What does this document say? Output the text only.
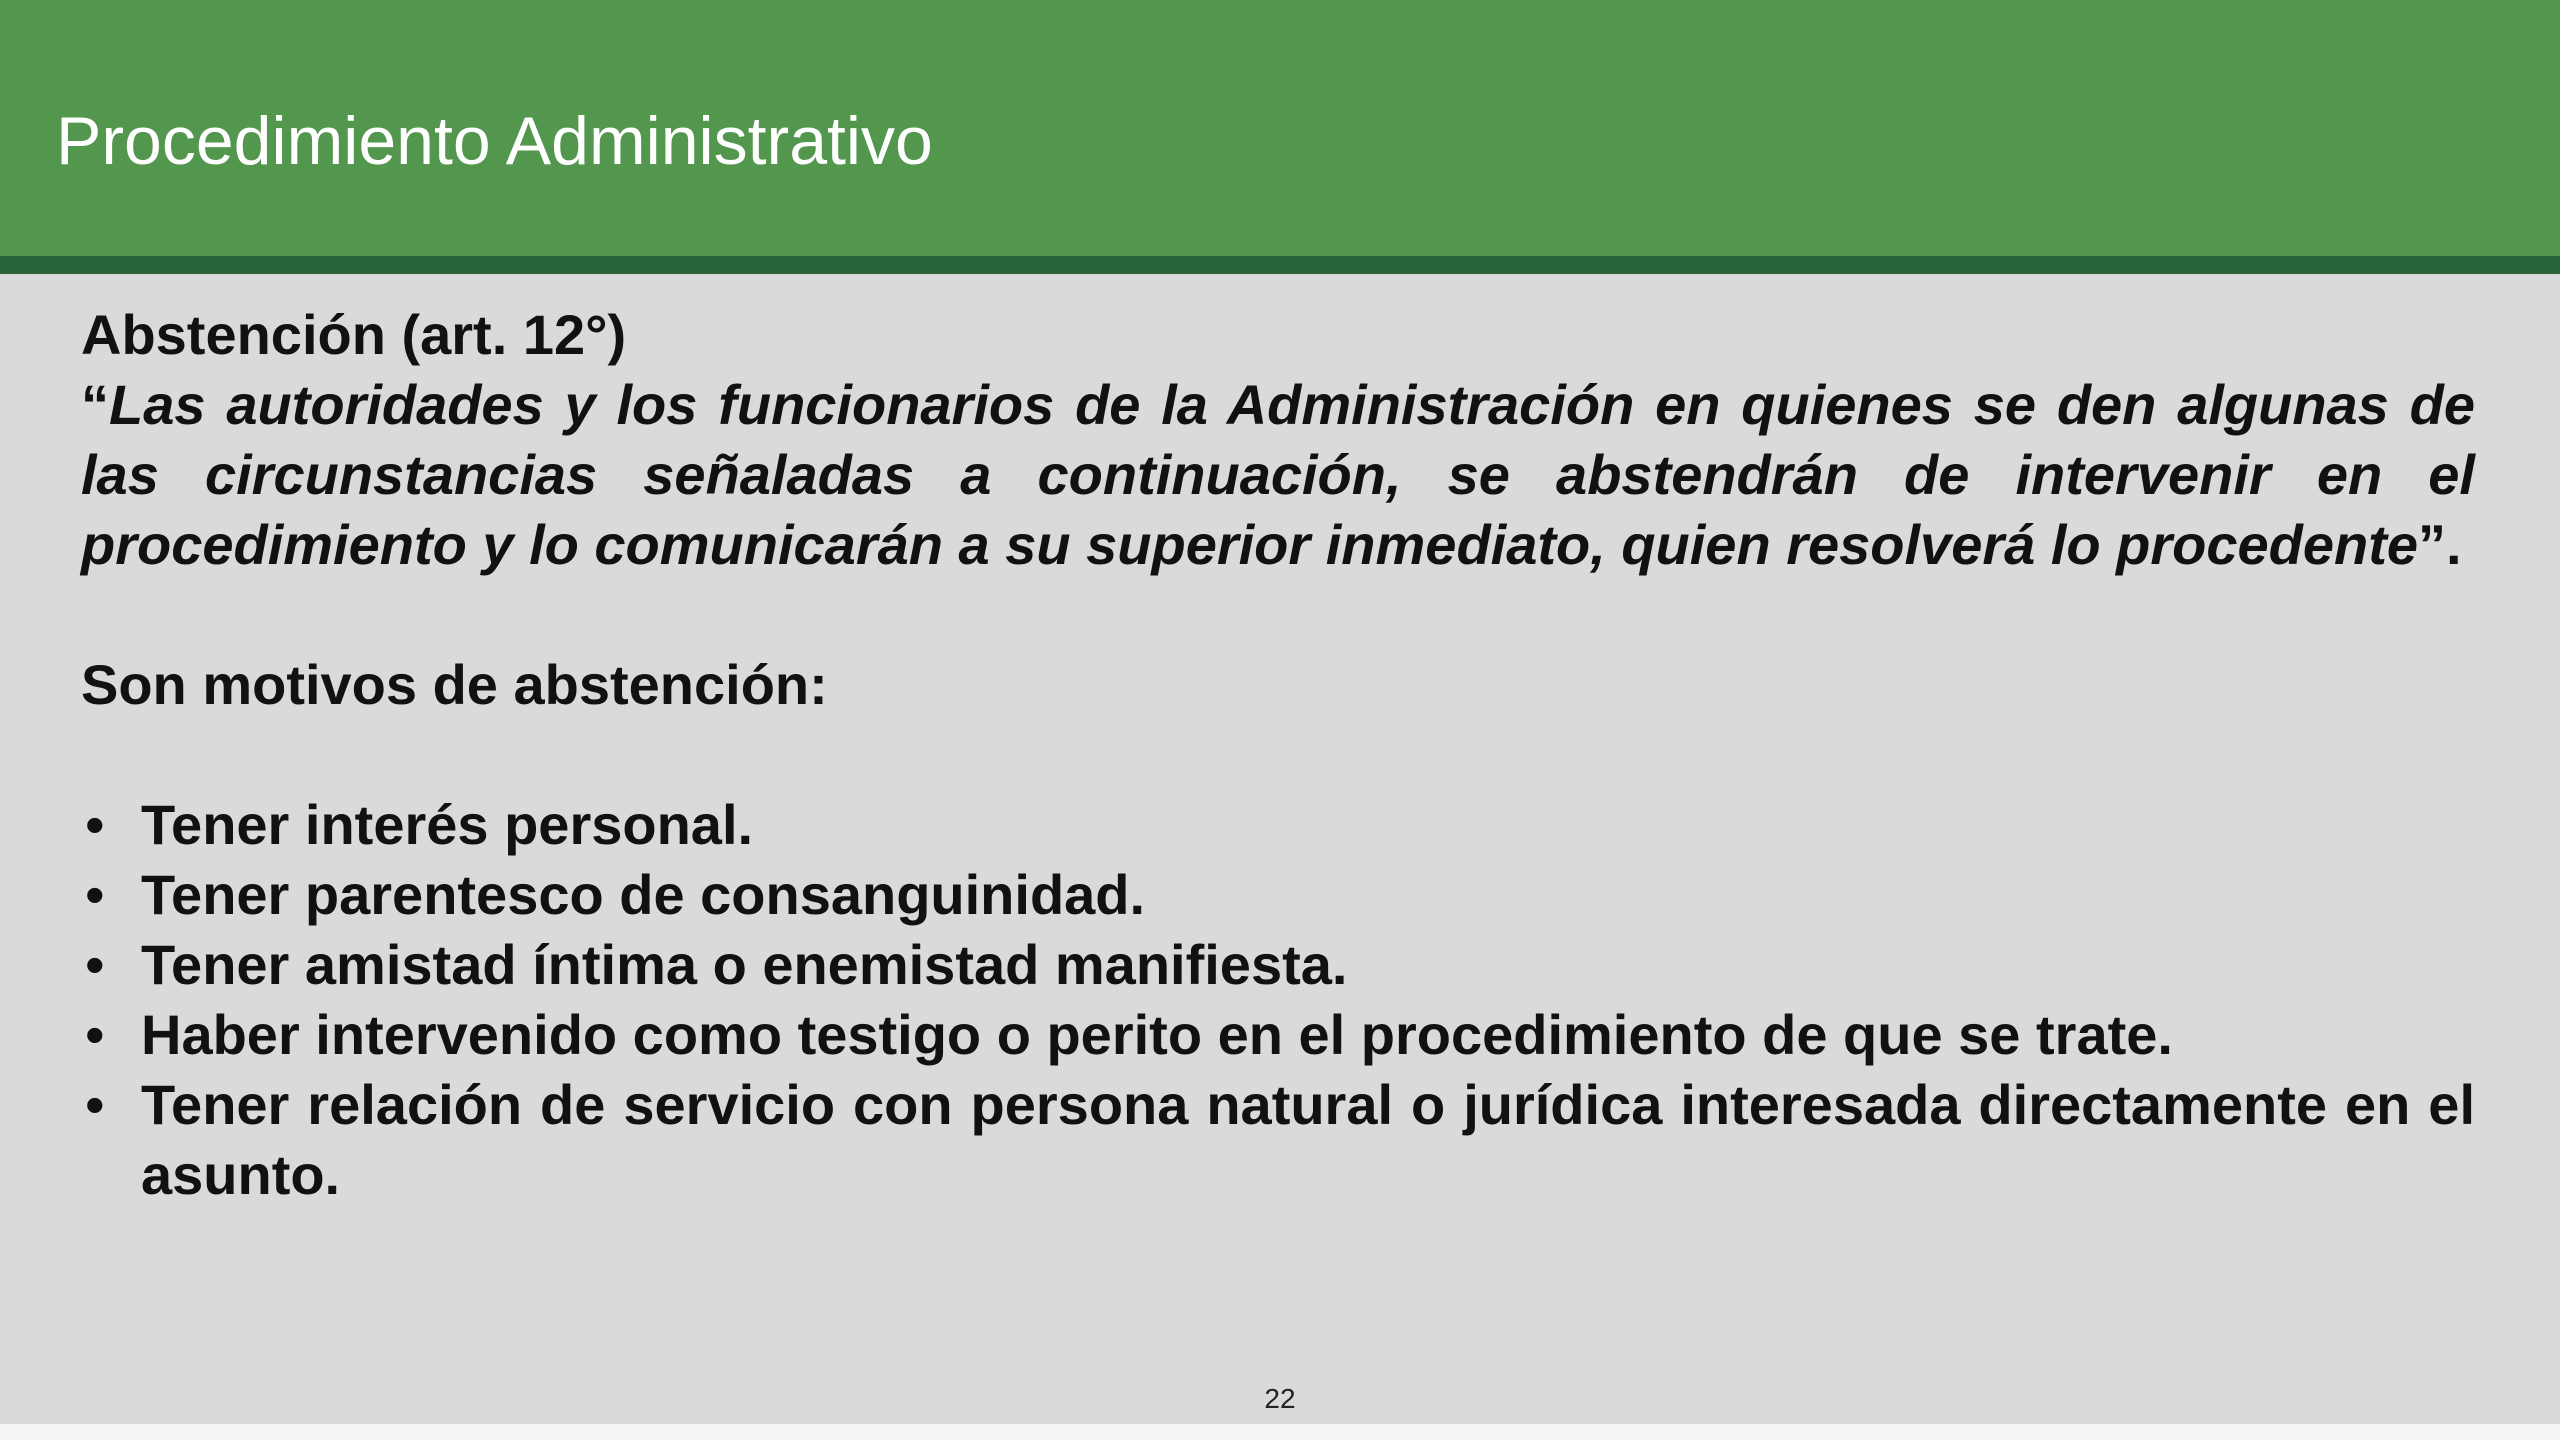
Procedimiento Administrativo

Abstención (art. 12°)

“Las autoridades y los funcionarios de la Administración en quienes se den algunas de las circunstancias señaladas a continuación, se abstendrán de intervenir en el procedimiento y lo comunicarán a su superior inmediato, quien resolverá lo procedente”.

Son motivos de abstención:

• Tener interés personal.
• Tener parentesco de consanguinidad.
• Tener amistad íntima o enemistad manifiesta.
• Haber intervenido como testigo o perito en el procedimiento de que se trate.
• Tener relación de servicio con persona natural o jurídica interesada directamente en el asunto.
22
